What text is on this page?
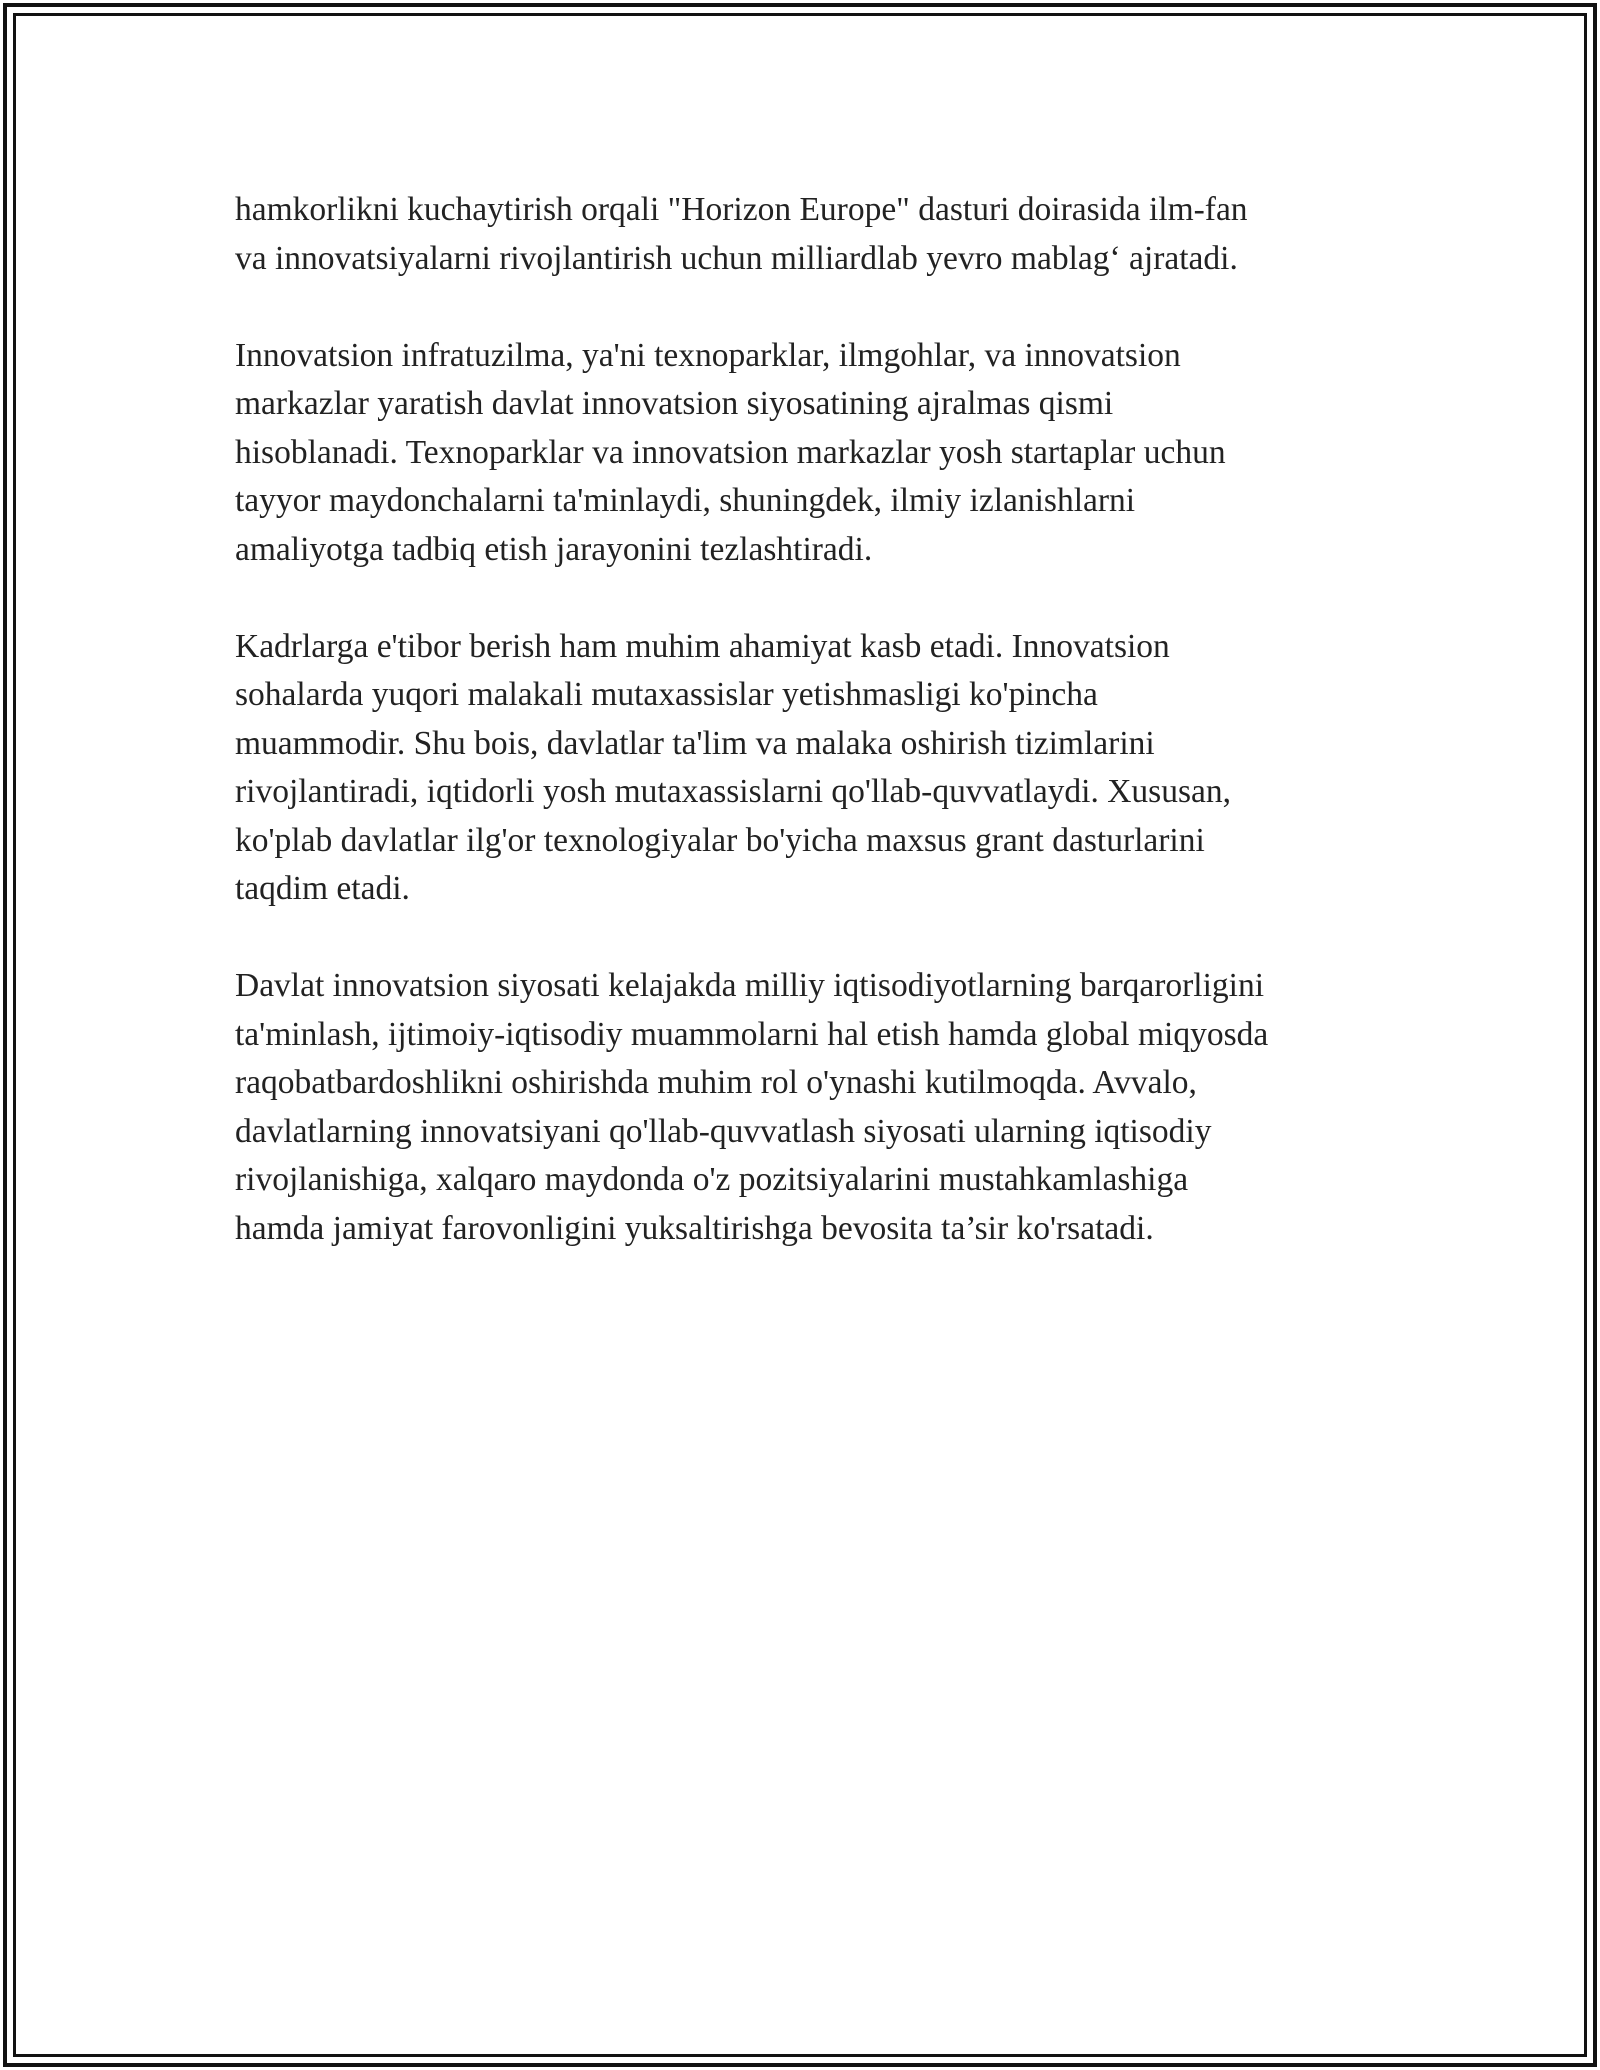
hamkorlikni kuchaytirish orqali "Horizon Europe" dasturi doirasida ilm-fan
va innovatsiyalarni rivojlantirish uchun milliardlab yevro mablag‘ ajratadi.

Innovatsion infratuzilma, ya'ni texnoparklar, ilmgohlar, va innovatsion
markazlar yaratish davlat innovatsion siyosatining ajralmas qismi
hisoblanadi. Texnoparklar va innovatsion markazlar yosh startaplar uchun
tayyor maydonchalarni ta'minlaydi, shuningdek, ilmiy izlanishlarni
amaliyotga tadbiq etish jarayonini tezlashtiradi.

Kadrlarga e'tibor berish ham muhim ahamiyat kasb etadi. Innovatsion
sohalarda yuqori malakali mutaxassislar yetishmasligi ko'pincha
muammodir. Shu bois, davlatlar ta'lim va malaka oshirish tizimlarini
rivojlantiradi, iqtidorli yosh mutaxassislarni qo'llab-quvvatlaydi. Xususan,
ko'plab davlatlar ilg'or texnologiyalar bo'yicha maxsus grant dasturlarini
taqdim etadi.

Davlat innovatsion siyosati kelajakda milliy iqtisodiyotlarning barqarorligini
ta'minlash, ijtimoiy-iqtisodiy muammolarni hal etish hamda global miqyosda
raqobatbardoshlikni oshirishda muhim rol o'ynashi kutilmoqda. Avvalo,
davlatlarning innovatsiyani qo'llab-quvvatlash siyosati ularning iqtisodiy
rivojlanishiga, xalqaro maydonda o'z pozitsiyalarini mustahkamlashiga
hamda jamiyat farovonligini yuksaltirishga bevosita ta’sir ko'rsatadi.
